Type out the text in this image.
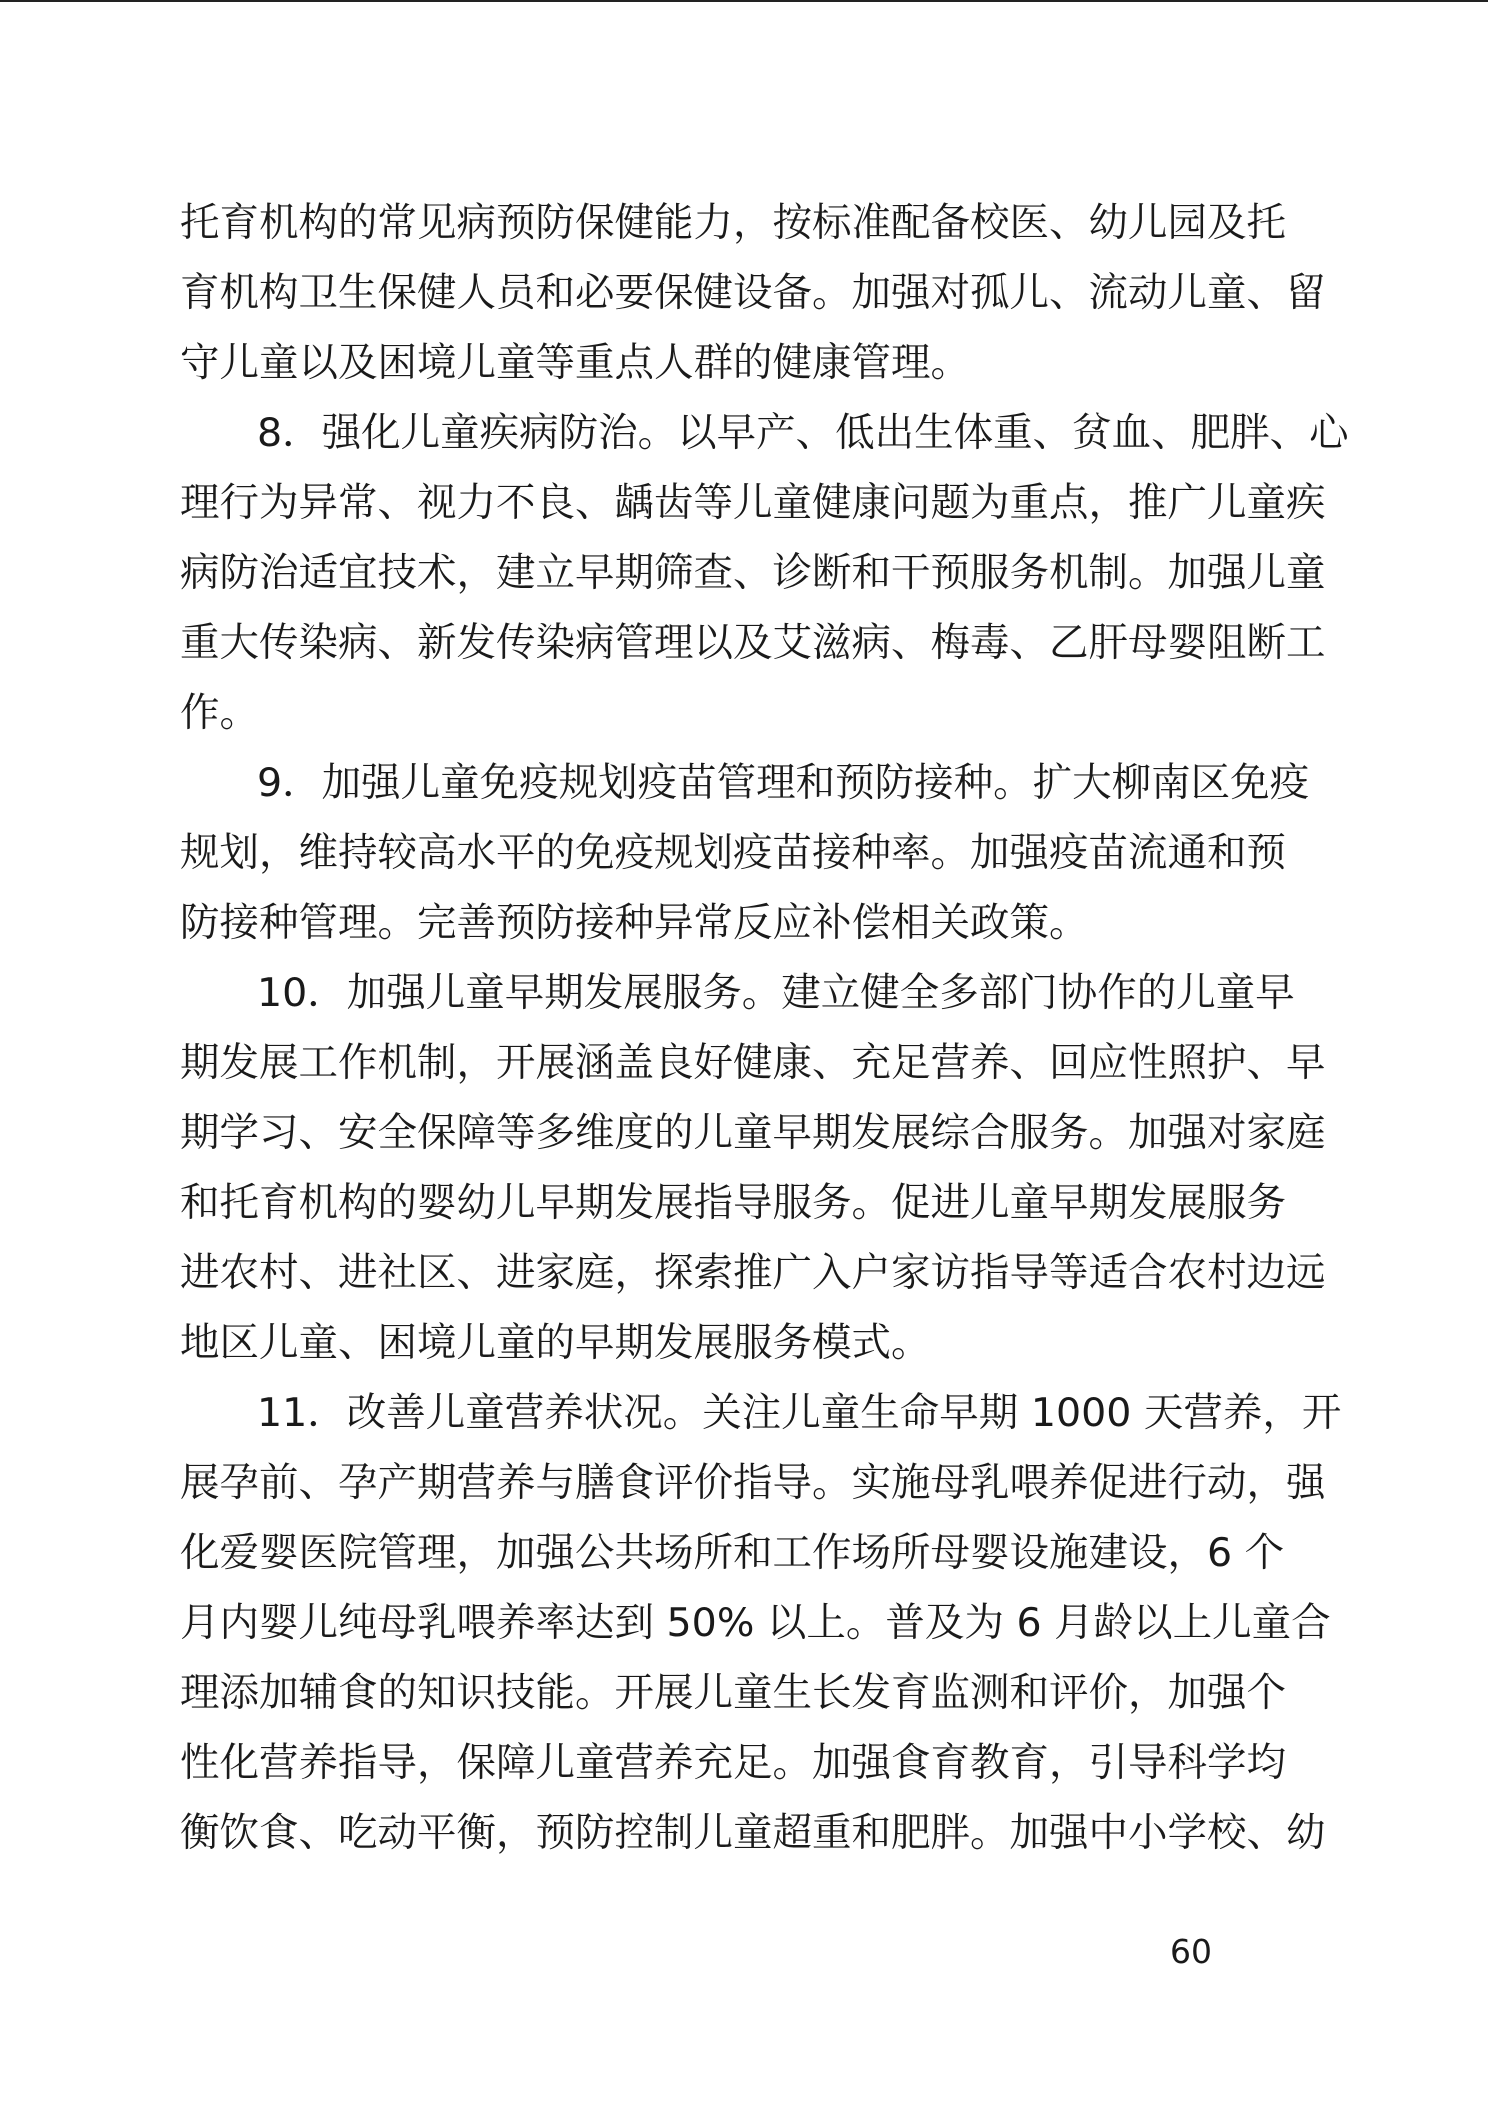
托育机构的常见病预防保健能力，按标准配备校医、幼儿园及托
育机构卫生保健人员和必要保健设备。加强对孤儿、流动儿童、留
守儿童以及困境儿童等重点人群的健康管理。
8．强化儿童疾病防治。以早产、低出生体重、贫血、肥胖、心
理行为异常、视力不良、龋齿等儿童健康问题为重点，推广儿童疾
病防治适宜技术，建立早期筛查、诊断和干预服务机制。加强儿童
重大传染病、新发传染病管理以及艾滋病、梅毒、乙肝母婴阻断工
作。
9．加强儿童免疫规划疫苗管理和预防接种。扩大柳南区免疫
规划，维持较高水平的免疫规划疫苗接种率。加强疫苗流通和预
防接种管理。完善预防接种异常反应补偿相关政策。
10．加强儿童早期发展服务。建立健全多部门协作的儿童早
期发展工作机制，开展涵盖良好健康、充足营养、回应性照护、早
期学习、安全保障等多维度的儿童早期发展综合服务。加强对家庭
和托育机构的婴幼儿早期发展指导服务。促进儿童早期发展服务
进农村、进社区、进家庭，探索推广入户家访指导等适合农村边远
地区儿童、困境儿童的早期发展服务模式。
11．改善儿童营养状况。关注儿童生命早期 1000 天营养，开
展孕前、孕产期营养与膳食评价指导。实施母乳喂养促进行动，强
化爱婴医院管理，加强公共场所和工作场所母婴设施建设，6 个
月内婴儿纯母乳喂养率达到 50% 以上。普及为 6 月龄以上儿童合
理添加辅食的知识技能。开展儿童生长发育监测和评价，加强个
性化营养指导，保障儿童营养充足。加强食育教育，引导科学均
衡饮食、吃动平衡，预防控制儿童超重和肥胖。加强中小学校、幼
60
